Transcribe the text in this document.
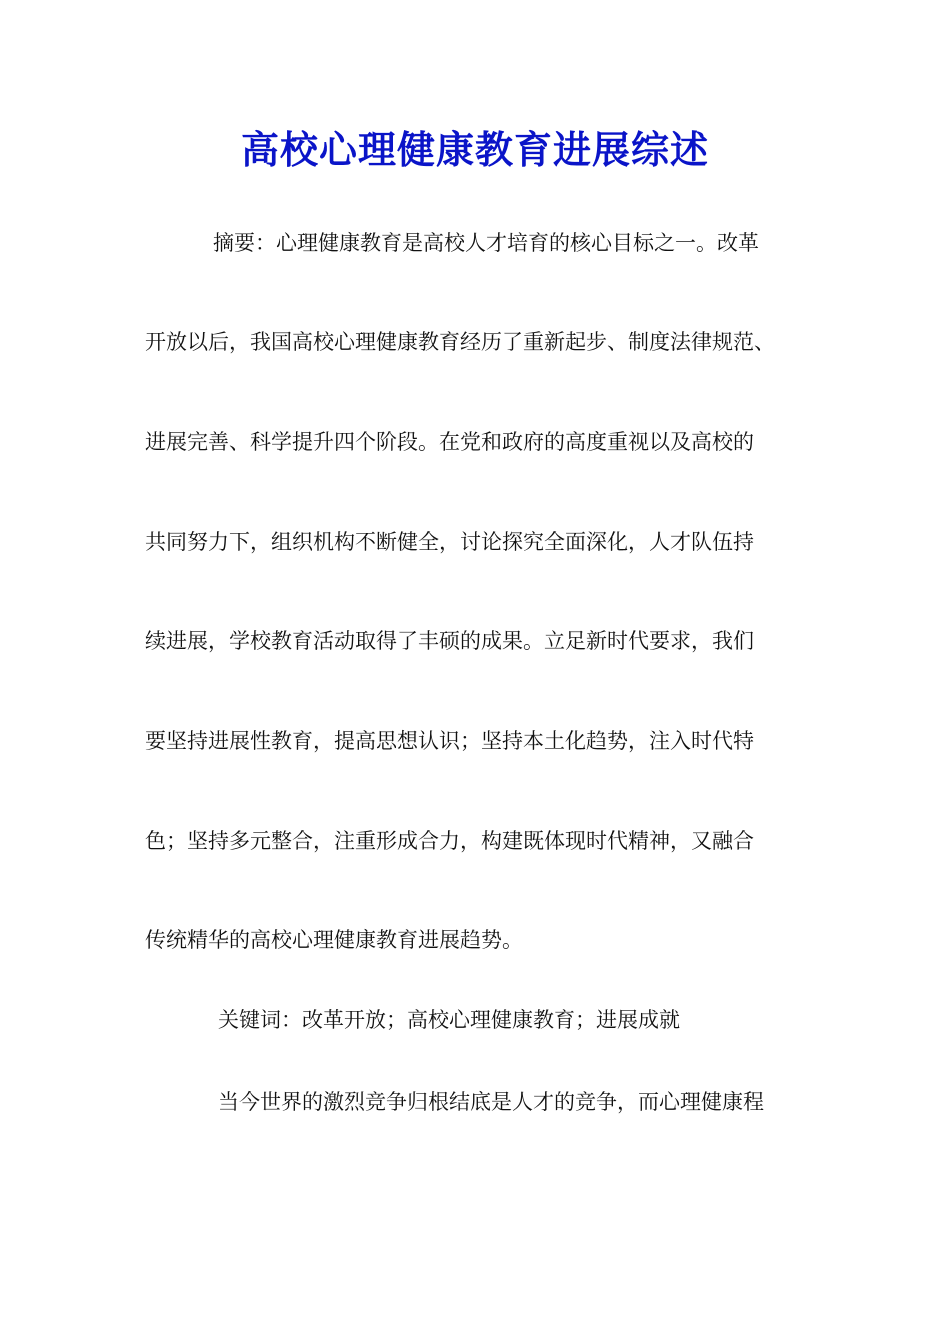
高校心理健康教育进展综述
摘要：心理健康教育是高校人才培育的核心目标之一。改革
开放以后，我国高校心理健康教育经历了重新起步、制度法律规范、
进展完善、科学提升四个阶段。在党和政府的高度重视以及高校的
共同努力下，组织机构不断健全，讨论探究全面深化，人才队伍持
续进展，学校教育活动取得了丰硕的成果。立足新时代要求，我们
要坚持进展性教育，提高思想认识；坚持本土化趋势，注入时代特
色；坚持多元整合，注重形成合力，构建既体现时代精神，又融合
传统精华的高校心理健康教育进展趋势。
关键词：改革开放；高校心理健康教育；进展成就
当今世界的激烈竞争归根结底是人才的竞争，而心理健康程
